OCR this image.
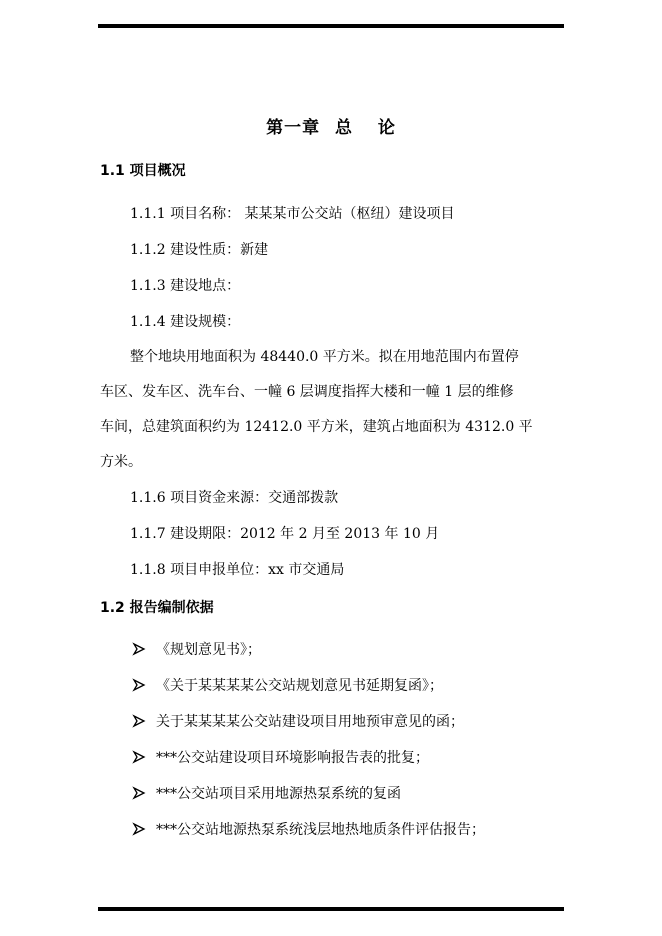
第一章 总 论
1.1 项目概况
1.1.1 项目名称： 某某某市公交站（枢纽）建设项目
1.1.2 建设性质：新建
1.1.3 建设地点：
1.1.4 建设规模：
整个地块用地面积为 48440.0 平方米。拟在用地范围内布置停
车区、发车区、洗车台、一幢 6 层调度指挥大楼和一幢 1 层的维修
车间，总建筑面积约为 12412.0 平方米，建筑占地面积为 4312.0 平
方米。
1.1.6 项目资金来源：交通部拨款
1.1.7 建设期限：2012 年 2 月至 2013 年 10 月
1.1.8 项目申报单位：xx 市交通局
1.2 报告编制依据
《规划意见书》；
《关于某某某某公交站规划意见书延期复函》；
关于某某某某公交站建设项目用地预审意见的函；
***公交站建设项目环境影响报告表的批复；
***公交站项目采用地源热泵系统的复函
***公交站地源热泵系统浅层地热地质条件评估报告；
